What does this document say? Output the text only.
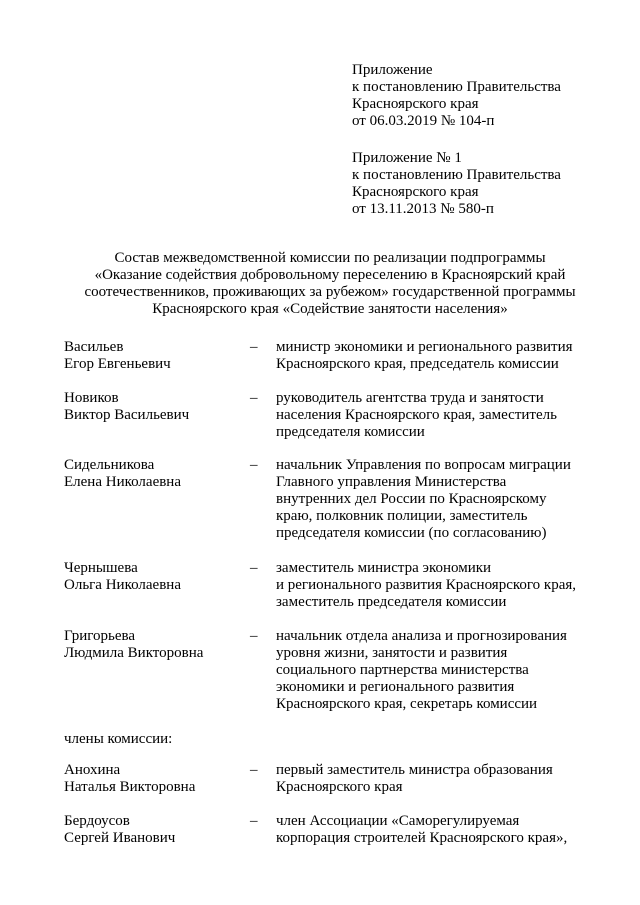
Приложение
к постановлению Правительства
Красноярского края
от 06.03.2019 № 104-п
Приложение № 1
к постановлению Правительства
Красноярского края
от 13.11.2013 № 580-п
Состав межведомственной комиссии по реализации подпрограммы
«Оказание содействия добровольному переселению в Красноярский край
соотечественников, проживающих за рубежом» государственной программы
Красноярского края «Содействие занятости населения»
Васильев
Егор Евгеньевич
– министр экономики и регионального развития
Красноярского края, председатель комиссии
Новиков
Виктор Васильевич
– руководитель агентства труда и занятости
населения Красноярского края, заместитель
председателя комиссии
Сидельникова
Елена Николаевна
– начальник Управления по вопросам миграции
Главного управления Министерства
внутренних дел России по Красноярскому
краю, полковник полиции, заместитель
председателя комиссии (по согласованию)
Чернышева
Ольга Николаевна
– заместитель министра экономики
и регионального развития Красноярского края,
заместитель председателя комиссии
Григорьева
Людмила Викторовна
– начальник отдела анализа и прогнозирования
уровня жизни, занятости и развития
социального партнерства министерства
экономики и регионального развития
Красноярского края, секретарь комиссии
члены комиссии:
Анохина
Наталья Викторовна
– первый заместитель министра образования
Красноярского края
Бердоусов
Сергей Иванович
– член Ассоциации «Саморегулируемая
корпорация строителей Красноярского края»,
